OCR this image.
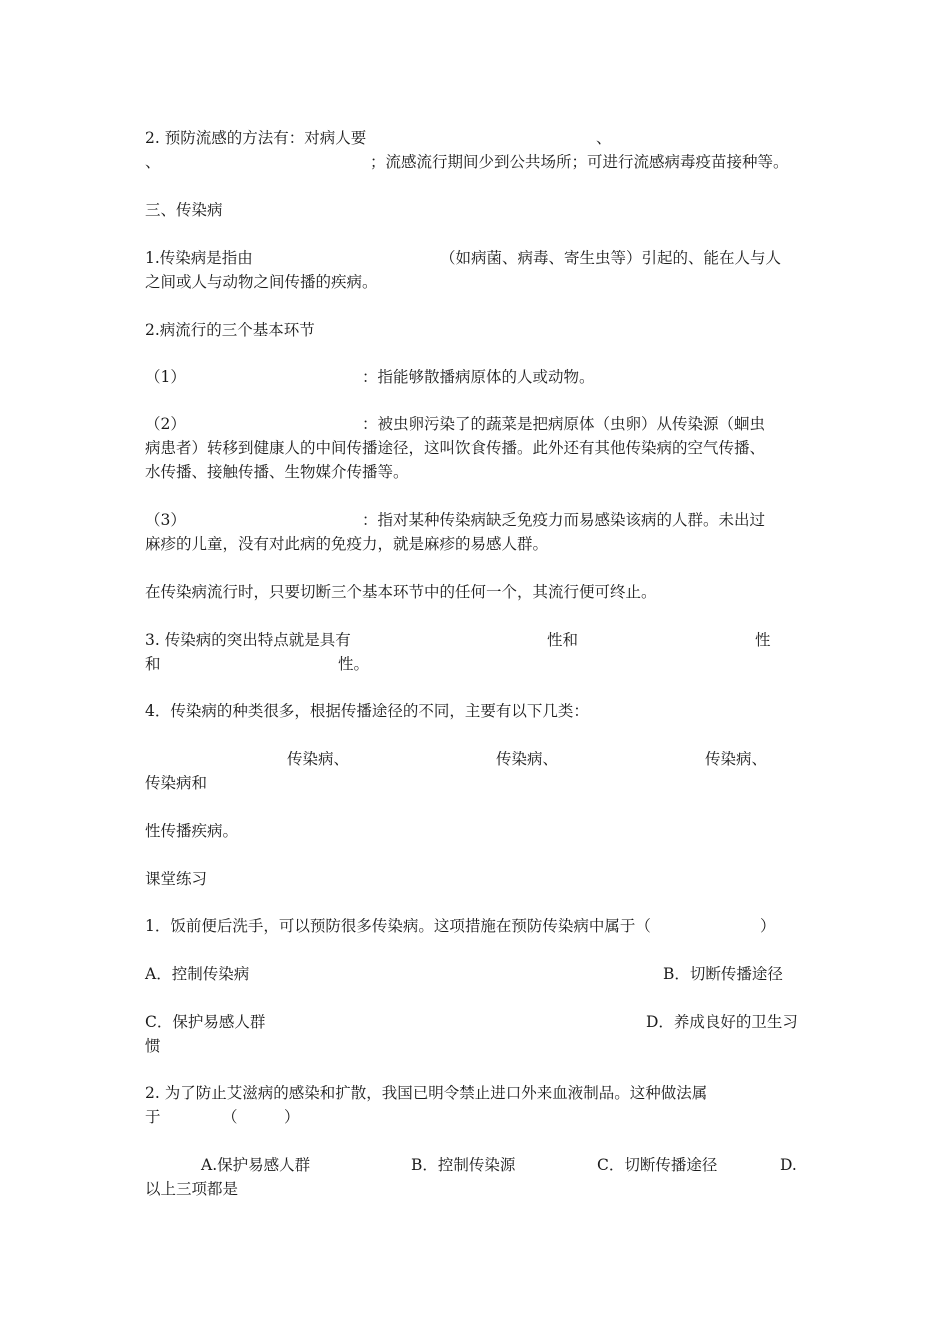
2. 预防流感的方法有：对病人要	、

、	；流感流行期间少到公共场所；可进行流感病毒疫苗接种等。

三、传染病

1.传染病是指由	（如病菌、病毒、寄生虫等）引起的、能在人与人

之间或人与动物之间传播的疾病。

2.病流行的三个基本环节

（1）	：指能够散播病原体的人或动物。

（2）	：被虫卵污染了的蔬菜是把病原体（虫卵）从传染源（蛔虫

病患者）转移到健康人的中间传播途径，这叫饮食传播。此外还有其他传染病的空气传播、

水传播、接触传播、生物媒介传播等。

（3）	：指对某种传染病缺乏免疫力而易感染该病的人群。未出过

麻疹的儿童，没有对此病的免疫力，就是麻疹的易感人群。

在传染病流行时，只要切断三个基本环节中的任何一个，其流行便可终止。

3. 传染病的突出特点就是具有	性和	性

和	性。

4．传染病的种类很多，根据传播途径的不同，主要有以下几类：

传染病、	传染病、	传染病、

传染病和

性传播疾病。

课堂练习

1．饭前便后洗手，可以预防很多传染病。这项措施在预防传染病中属于（	）

A．控制传染病	B．切断传播途径

C．保护易感人群	D．养成良好的卫生习

惯

2. 为了防止艾滋病的感染和扩散，我国已明令禁止进口外来血液制品。这种做法属

于	（	）

A.保护易感人群	B．控制传染源	C．切断传播途径	D.

以上三项都是
